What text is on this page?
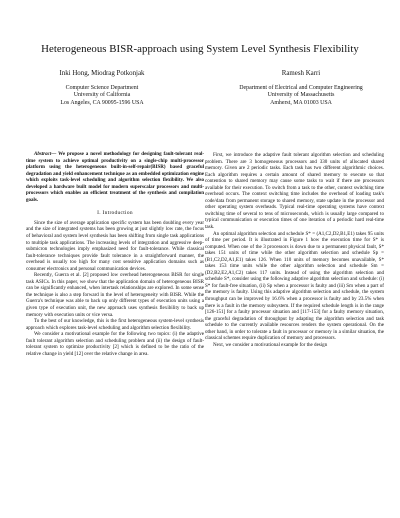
Heterogeneous BISR-approach using System Level Synthesis Flexibility
Inki Hong, Miodrag Potkonjak
Computer Science Department
University of California
Los Angeles, CA 90095-1596 USA
Ramesh Karri
Department of Electrical and Computer Engineering
University of Massachusetts
Amherst, MA 01003 USA

Abstract— We propose a novel methodology for designing fault-tolerant real-time system to achieve optimal productivity on a single-chip multi-processor platform using the heterogeneous built-in-self-repair(BISR) based graceful degradation and yield enhancement technique as an embedded optimization engine which exploits task-level scheduling and algorithm selection flexibility. We also developed a hardware built model for modern superscalar processors and multi-processors which enables an efficient treatment of the synthesis and compilation goals.

I. Introduction

Since the size of average application specific system has been doubling every year and the size of integrated systems has been growing at just slightly low rate, the focus of behavioral and system level synthesis has been shifting from single task applications to multiple task applications. The increasing levels of integration and aggressive deep-submicron technologies imply emphasized need for fault-tolerance. While classical fault-tolerance techniques provide fault tolerance in a straightforward manner, the overhead is usually too high for many cost sensitive application domains such as consumer electronics and personal communication devices.

Recently, Guerra et al. [2] proposed low overhead heterogeneous BISR for single task ASICs. In this paper, we show that the application domain of heterogeneous BISR can be significantly enhanced, when intertask relationships are explored. In some sense the technique is also a step forward in the level of heterogeneity with BISR. While the Guerra's technique was able to back up only different types of execution units using a given type of execution unit, the new approach uses synthesis flexibility to back up memory with execution units or vice versa.

To the best of our knowledge, this is the first heterogeneous system-level synthesis approach which explores task-level scheduling and algorithm selection flexibility.

We consider a motivational example for the following two topics: (i) the adaptive fault tolerant algorithm selection and scheduling problem and (ii) the design of fault-tolerant system to optimize productivity [2] which is defined to be the ratio of the relative change in yield [12] over the relative change in area.

First, we introduce the adaptive fault tolerant algorithm selection and scheduling problem. There are 3 homogeneous processors and 330 units of allocated shared memory. Given are 2 periodic tasks. Each task has two different algorithmic choices. Each algorithm requires a certain amount of shared memory to execute so that contention to shared memory may cause some tasks to wait if there are processors available for their execution. To switch from a task to the other, context switching time overhead occurs. The context switching time includes the overhead of loading task's code/data from permanent storage to shared memory, state update in the processor and other operating system overheads. Typical real-time operating systems have context switching time of several to tens of microseconds, which is usually large compared to typical communication or execution times of one iteration of a periodic hard real-time task.

An optimal algorithm selection and schedule S* = (A1,C2,D2,B1,E1) takes 95 units of time per period. It is illustrated in Figure 1 how the execution time for S* is computed. When one of the 3 processors is down due to a permanent physical fault, S* takes 151 units of time while the other algorithm selection and schedule Sp = (B1,C2,D2,A1,E1) takes 126. When 110 units of memory becomes unavailable, S* takes 153 time units while the other algorithm selection and schedule Sm = (D2,B2,E2,A1,C2) takes 117 units. Instead of using the algorithm selection and schedule S*, consider using the following adaptive algorithm selection and schedule: (i) S* for fault-free situation, (ii) Sp when a processor is faulty and (iii) Sm when a part of the memory is faulty. Using this adaptive algorithm selection and schedule, the system throughput can be improved by 16.6% when a processor is faulty and by 23.5% when there is a fault in the memory subsystem. If the required schedule length is in the range [126-151] for a faulty processor situation and [117-153] for a faulty memory situation, the graceful degradation of throughput by adapting the algorithm selection and task schedule to the currently available resources renders the system operational. On the other hand, in order to tolerate a fault in processor or memory in a similar situation, the classical schemes require duplication of memory and processors.

Next, we consider a motivational example for the design
